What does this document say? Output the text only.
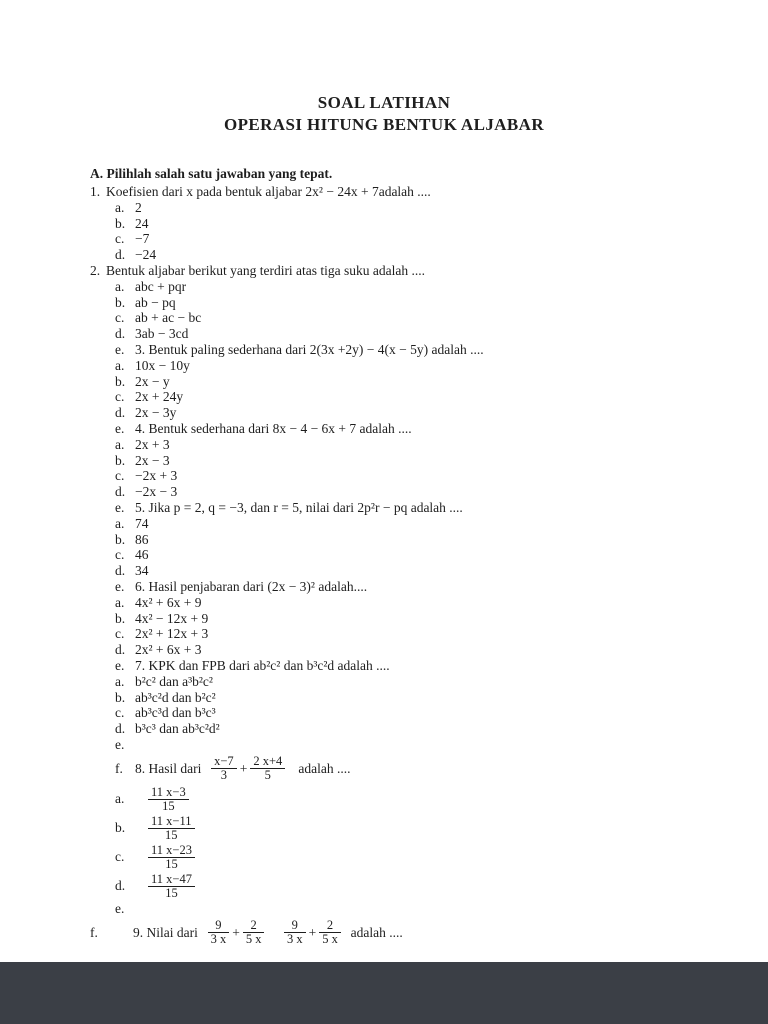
SOAL LATIHAN
OPERASI HITUNG BENTUK ALJABAR
A. Pilihlah salah satu jawaban yang tepat.
1. Koefisien dari x pada bentuk aljabar 2x² − 24x + 7adalah ....
a. 2
b. 24
c. −7
d. −24
2. Bentuk aljabar berikut yang terdiri atas tiga suku adalah ....
a. abc + pqr
b. ab − pq
c. ab + ac − bc
d. 3ab − 3cd
e. 3. Bentuk paling sederhana dari 2(3x +2y) − 4(x − 5y) adalah ....
a. 10x − 10y
b. 2x − y
c. 2x + 24y
d. 2x − 3y
e. 4. Bentuk sederhana dari 8x − 4 − 6x + 7 adalah ....
a. 2x + 3
b. 2x − 3
c. −2x + 3
d. −2x − 3
e. 5. Jika p = 2, q = −3, dan r = 5, nilai dari 2p²r − pq adalah ....
a. 74
b. 86
c. 46
d. 34
e. 6. Hasil penjabaran dari (2x − 3)² adalah....
a. 4x² + 6x + 9
b. 4x² − 12x + 9
c. 2x² + 12x + 3
d. 2x² + 6x + 3
e. 7. KPK dan FPB dari ab²c² dan b³c²d adalah ....
a. b²c² dan a³b²c²
b. ab³c²d dan b²c²
c. ab³c³d dan b³c³
d. b³c³ dan ab³c²d²
e.
f. 8. Hasil dari $\frac{x-7}{3} + \frac{2 x+4}{5}$ adalah ....
a.	$\frac{11 x-3}{15}$
b.	$\frac{11 x-11}{15}$
c.	$\frac{11 x-23}{15}$
d.	$\frac{11 x-47}{15}$
e.
f.	9. Nilai dari $\frac{9}{3 x} + \frac{2}{5 x}$
$\frac{9}{3 x} + \frac{2}{5 x}$ adalah ....
